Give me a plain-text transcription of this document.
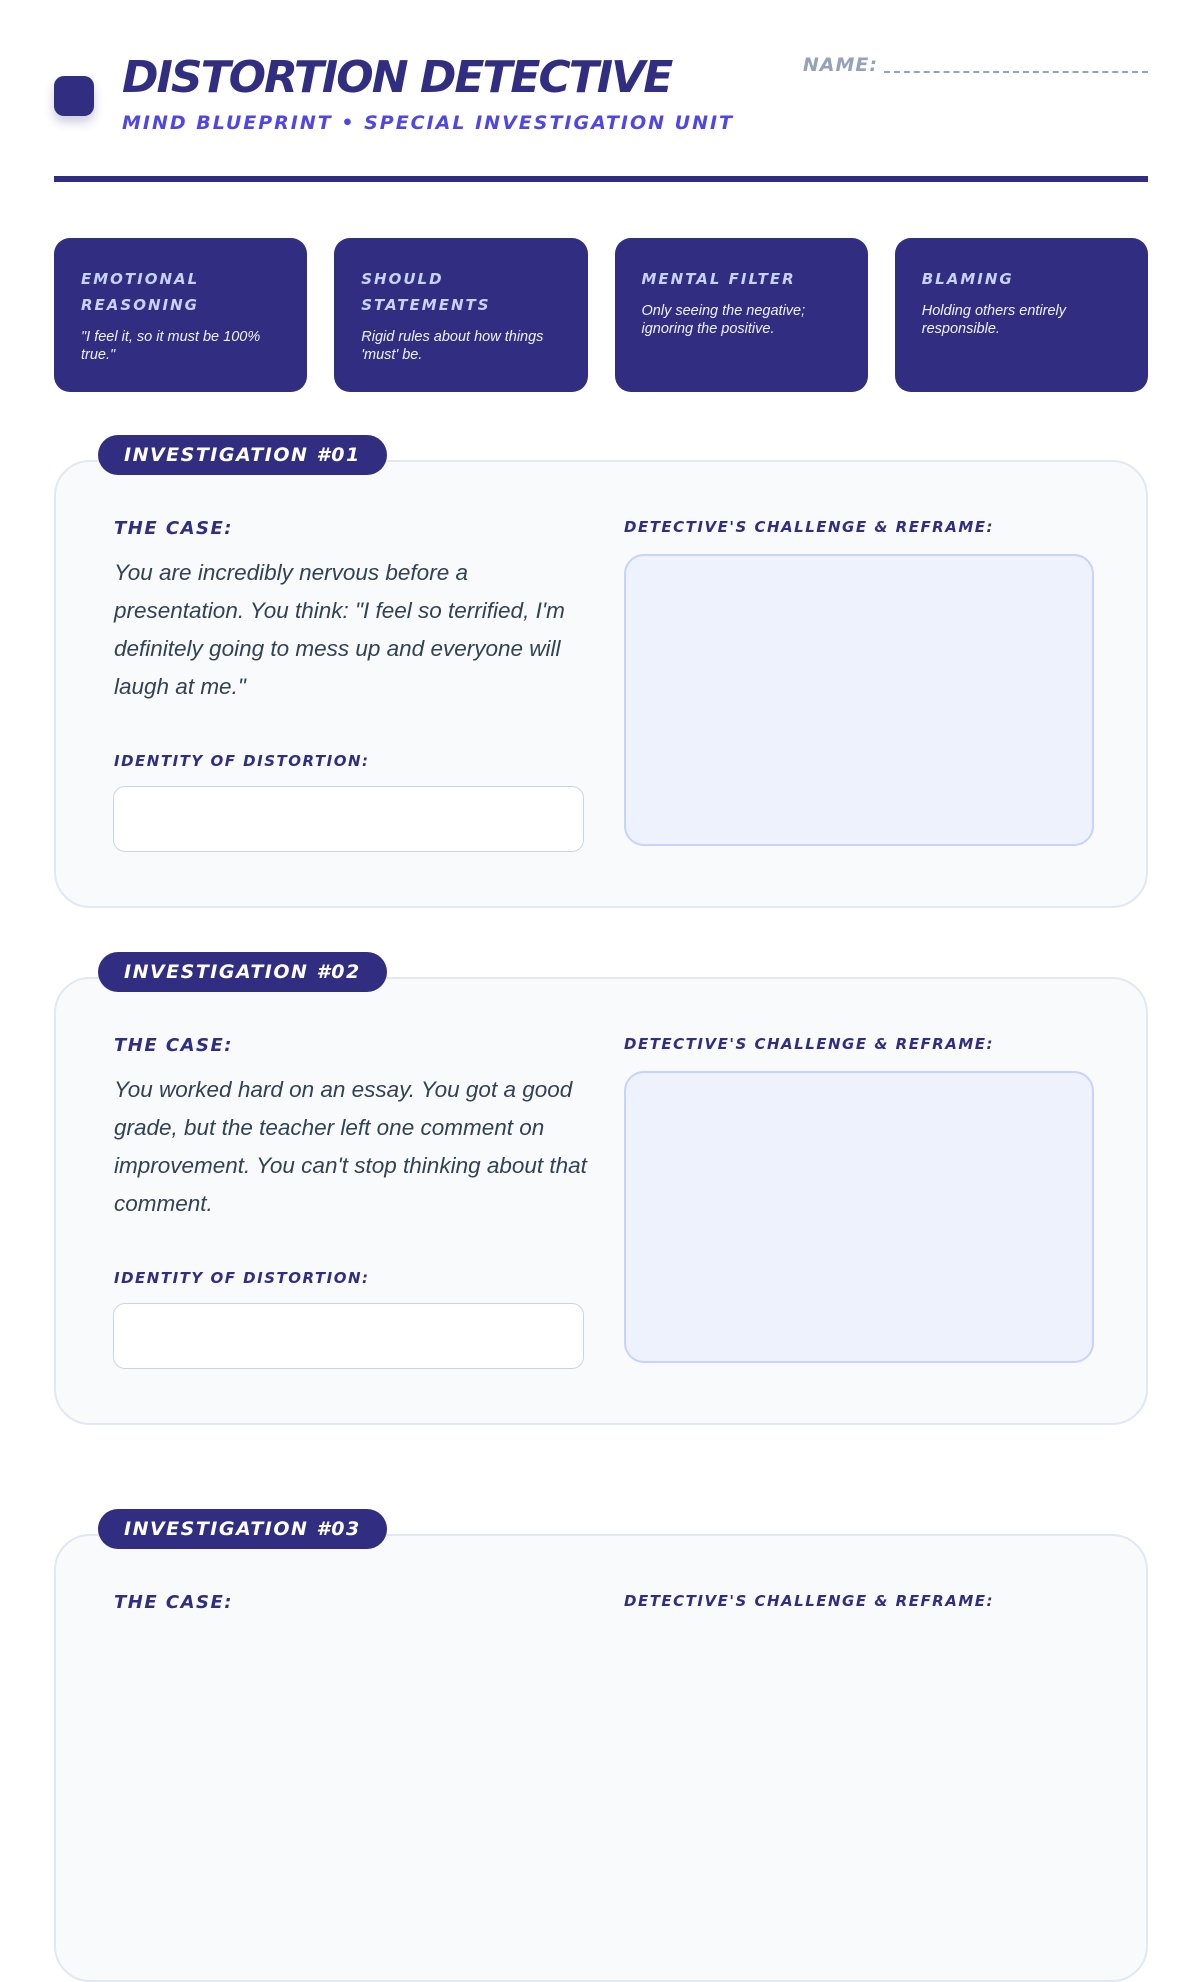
DISTORTION DETECTIVE
MIND BLUEPRINT • SPECIAL INVESTIGATION UNIT
NAME:
EMOTIONAL REASONING
"I feel it, so it must be 100% true."
SHOULD STATEMENTS
Rigid rules about how things 'must' be.
MENTAL FILTER
Only seeing the negative; ignoring the positive.
BLAMING
Holding others entirely responsible.
THE CASE:
You are incredibly nervous before a presentation. You think: "I feel so terrified, I'm definitely going to mess up and everyone will laugh at me."
IDENTITY OF DISTORTION:
DETECTIVE'S CHALLENGE & REFRAME:
INVESTIGATION #01
THE CASE:
You worked hard on an essay. You got a good grade, but the teacher left one comment on improvement. You can't stop thinking about that comment.
IDENTITY OF DISTORTION:
DETECTIVE'S CHALLENGE & REFRAME:
INVESTIGATION #02
THE CASE:	DETECTIVE'S CHALLENGE & REFRAME:
INVESTIGATION #03
